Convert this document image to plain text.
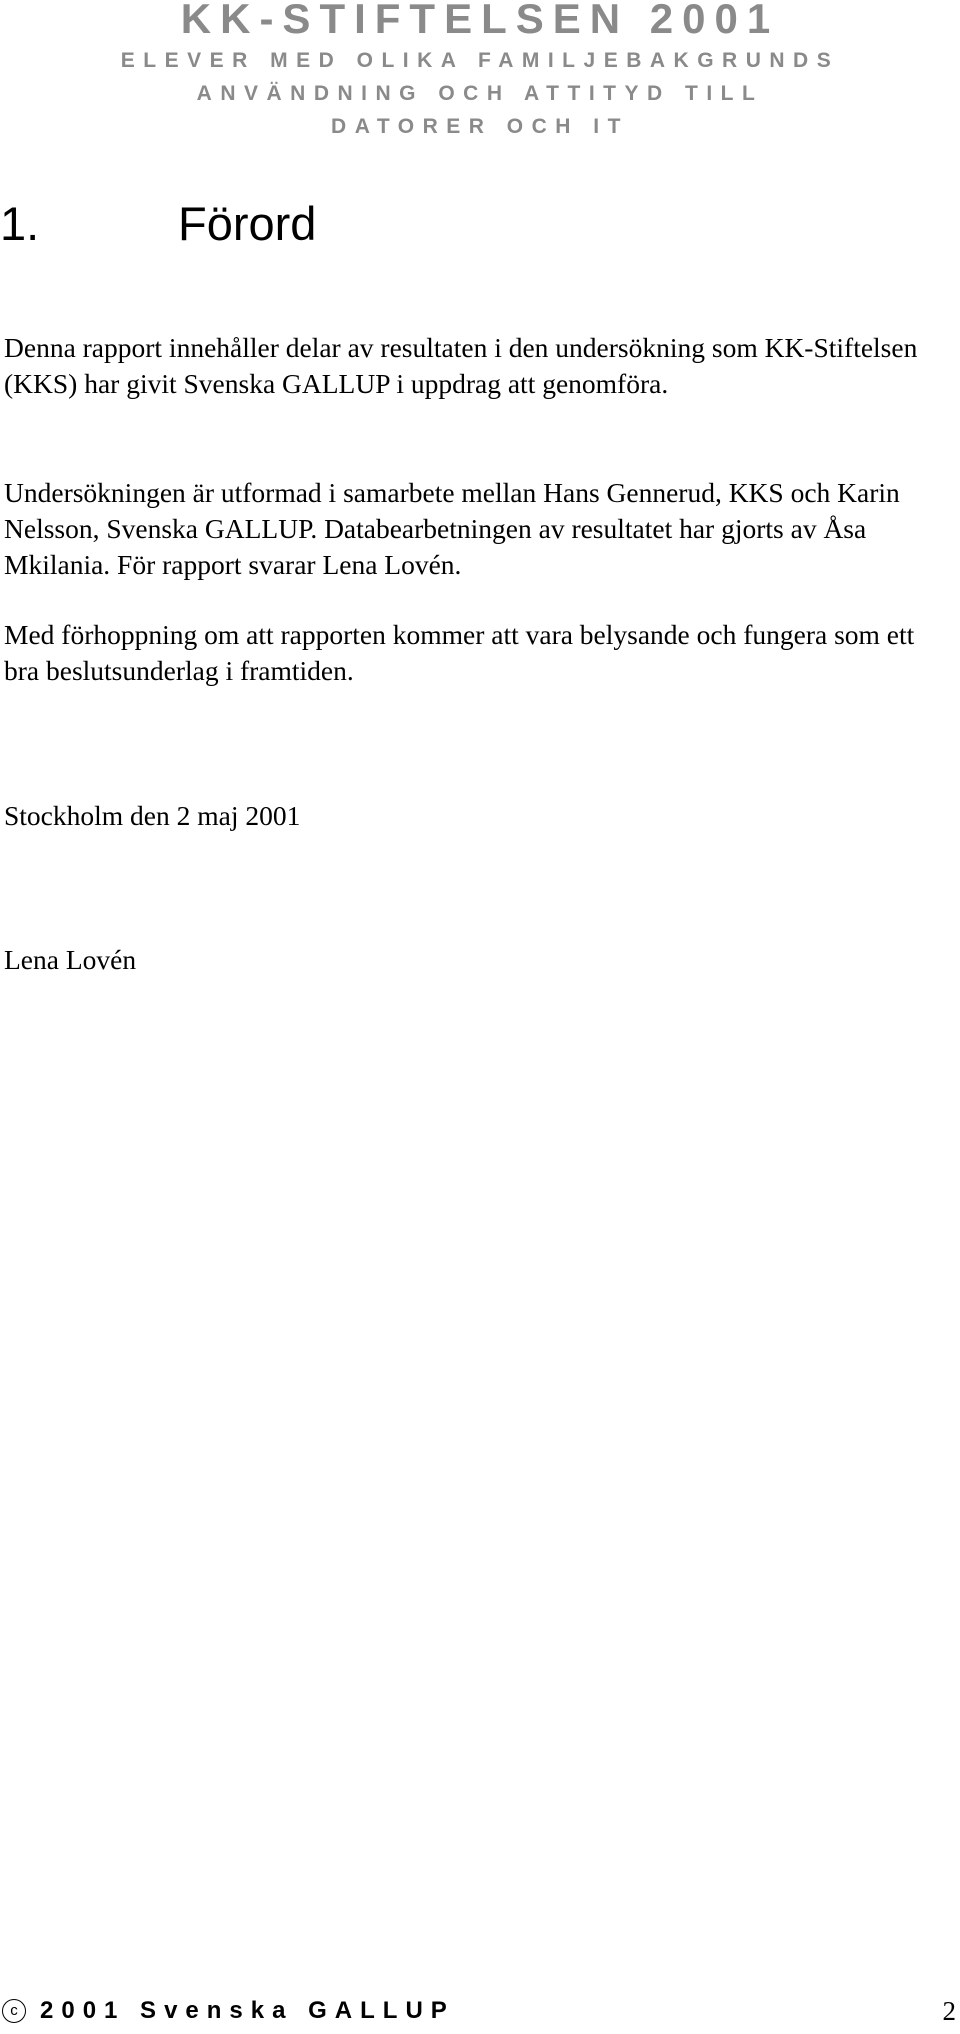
KK-STIFTELSEN 2001
ELEVER MED OLIKA FAMILJEBAKGRUNDS
ANVÄNDNING OCH ATTITYD TILL
DATORER OCH IT
1.	Förord
Denna rapport innehåller delar av resultaten i den undersökning som KK-Stiftelsen (KKS) har givit Svenska GALLUP i uppdrag att genomföra.
Undersökningen är utformad i samarbete mellan Hans Gennerud, KKS och Karin Nelsson, Svenska GALLUP. Databearbetningen av resultatet har gjorts av Åsa Mkilania. För rapport svarar Lena Lovén.
Med förhoppning om att rapporten kommer att vara belysande och fungera som ett bra beslutsunderlag i framtiden.
Stockholm den 2 maj 2001
Lena Lovén
c 2001 Svenska GALLUP	2
